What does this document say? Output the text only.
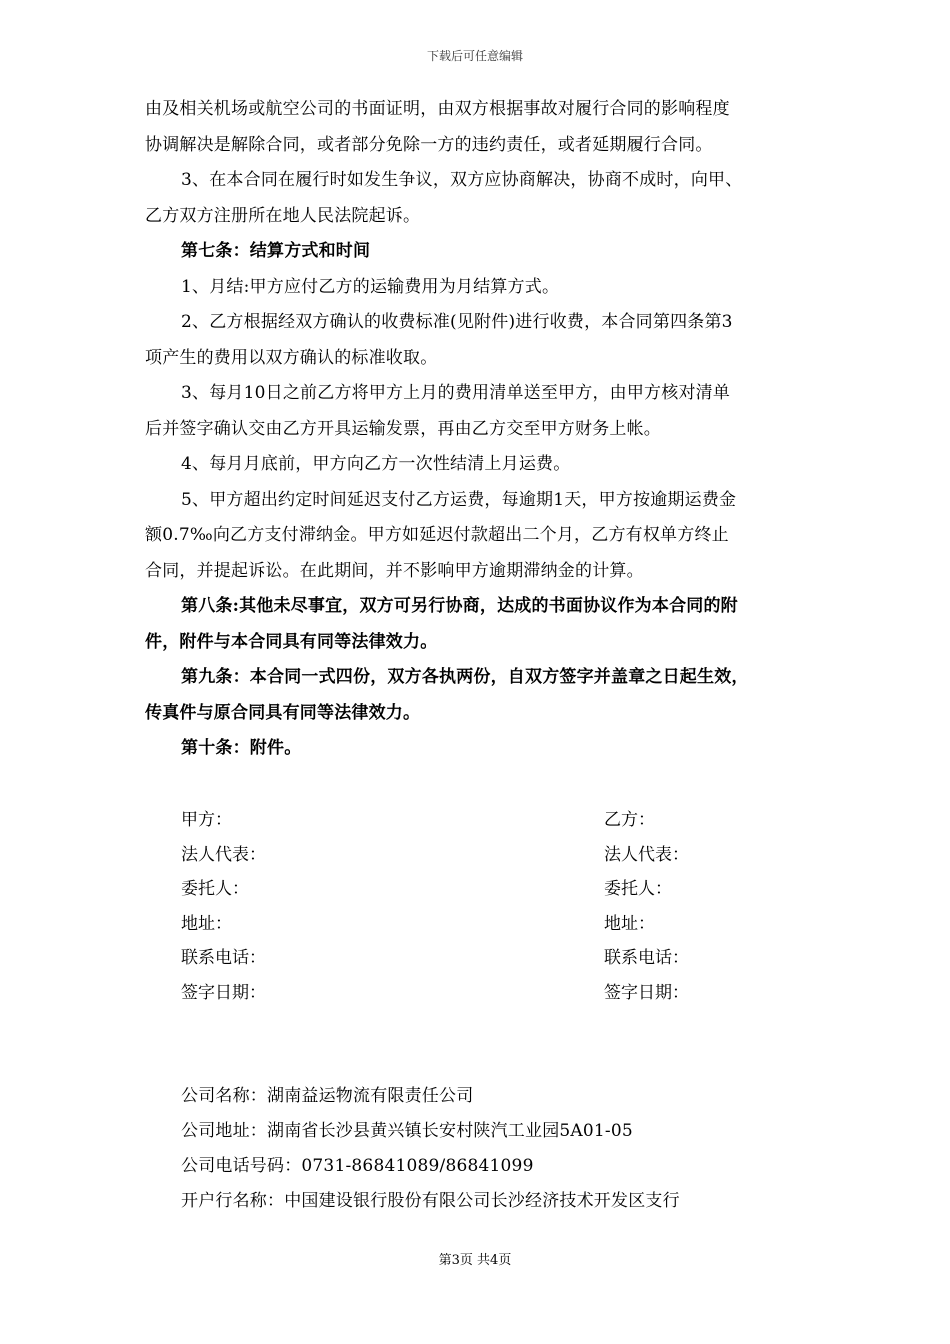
下载后可任意编辑
由及相关机场或航空公司的书面证明，由双方根据事故对履行合同的影响程度
协调解决是解除合同，或者部分免除一方的违约责任，或者延期履行合同。
3、在本合同在履行时如发生争议，双方应协商解决，协商不成时，向甲、
乙方双方注册所在地人民法院起诉。
第七条：结算方式和时间
1、月结:甲方应付乙方的运输费用为月结算方式。
2、乙方根据经双方确认的收费标准(见附件)进行收费，本合同第四条第3
项产生的费用以双方确认的标准收取。
3、每月10日之前乙方将甲方上月的费用清单送至甲方，由甲方核对清单
后并签字确认交由乙方开具运输发票，再由乙方交至甲方财务上帐。
4、每月月底前，甲方向乙方一次性结清上月运费。
5、甲方超出约定时间延迟支付乙方运费，每逾期1天，甲方按逾期运费金
额0.7‰向乙方支付滞纳金。甲方如延迟付款超出二个月，乙方有权单方终止
合同，并提起诉讼。在此期间，并不影响甲方逾期滞纳金的计算。
第八条:其他未尽事宜，双方可另行协商，达成的书面协议作为本合同的附
件，附件与本合同具有同等法律效力。
第九条：本合同一式四份，双方各执两份，自双方签字并盖章之日起生效，
传真件与原合同具有同等法律效力。
第十条：附件。
甲方：	乙方：
法人代表：	法人代表：
委托人：	委托人：
地址：	地址：
联系电话：	联系电话：
签字日期：	签字日期：
公司名称：湖南益运物流有限责任公司
公司地址：湖南省长沙县黄兴镇长安村陕汽工业园5A01-05
公司电话号码：0731-86841089/86841099
开户行名称：中国建设银行股份有限公司长沙经济技术开发区支行
第3页 共4页
